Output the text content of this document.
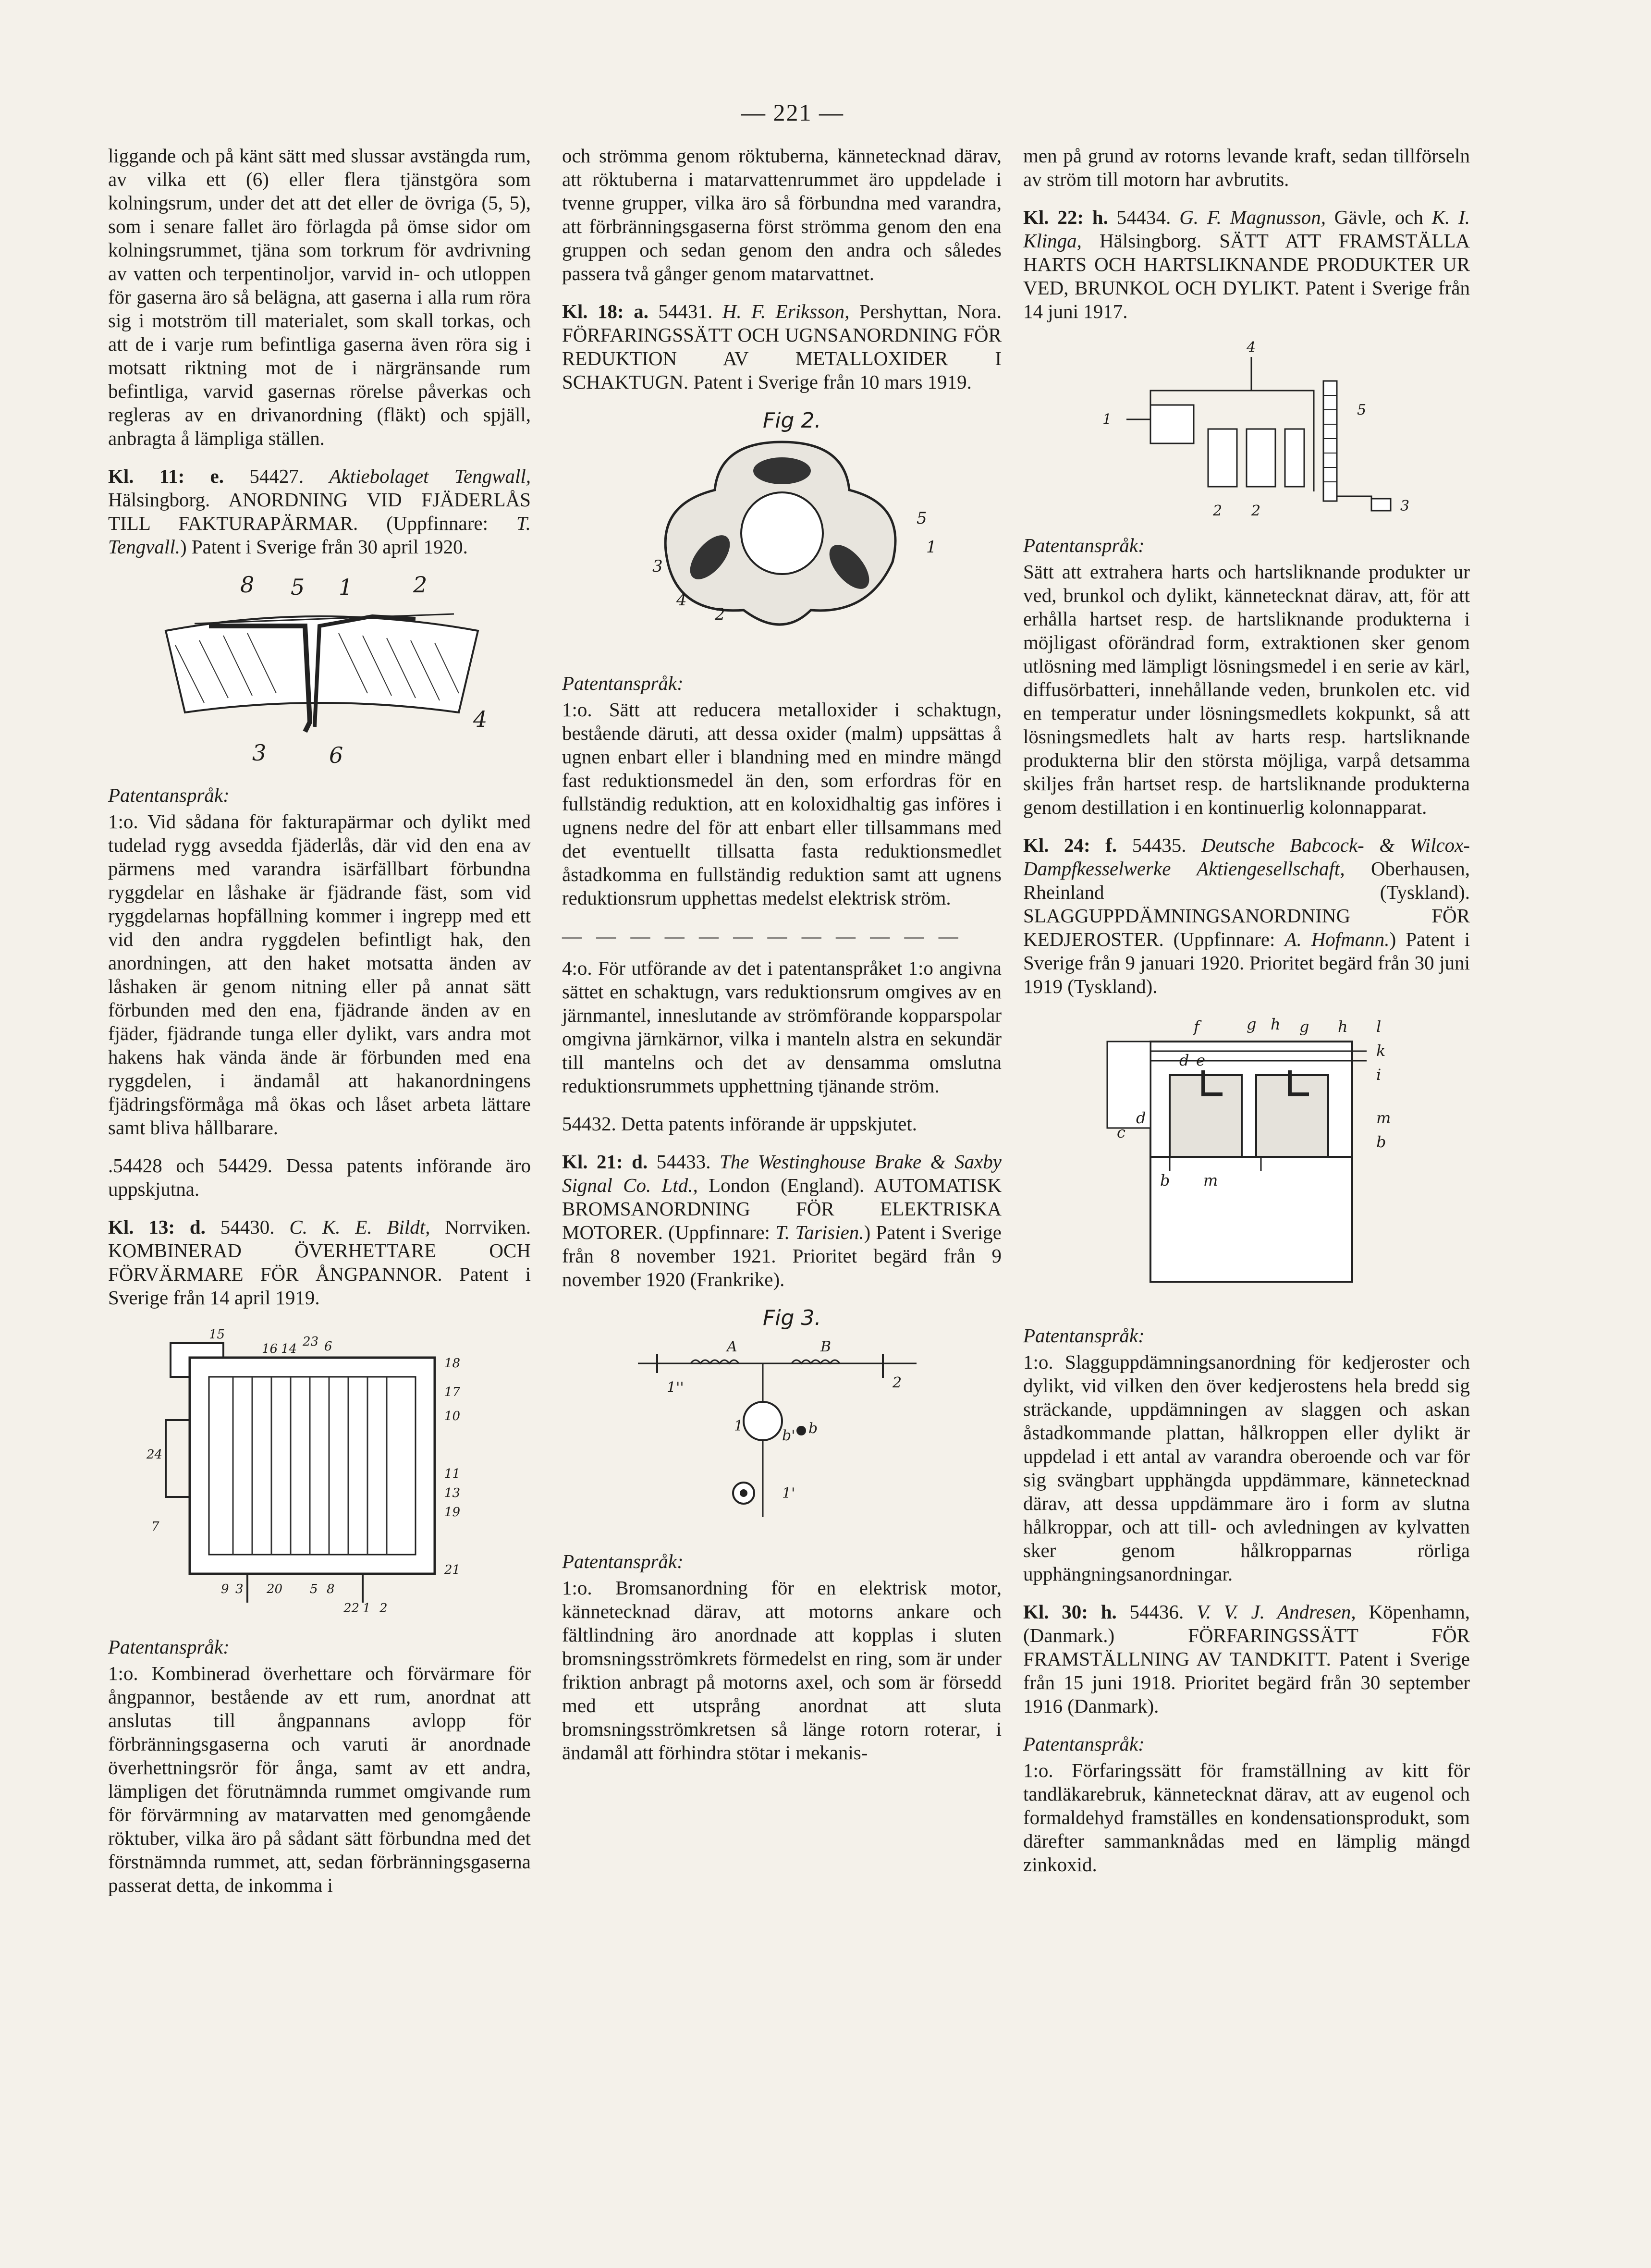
— 221 —

liggande och på känt sätt med slussar avstängda rum, av vilka ett (6) eller flera tjänstgöra som kolningsrum, under det att det eller de övriga (5, 5), som i senare fallet äro förlagda på ömse sidor om kolningsrummet, tjäna som torkrum för avdrivning av vatten och terpentinoljor, varvid in- och utloppen för gaserna äro så belägna, att gaserna i alla rum röra sig i motström till materialet, som skall torkas, och att de i varje rum befintliga gaserna även röra sig i motsatt riktning mot de i närgränsande rum befintliga, varvid gasernas rörelse påverkas och regleras av en drivanordning (fläkt) och spjäll, anbragta å lämpliga ställen.

Kl. 11: e. 54427. Aktiebolaget Tengwall, Hälsingborg. ANORDNING VID FJÄDERLÅS TILL FAKTURAPÄRMAR. (Uppfinnare: T. Tengvall.) Patent i Sverige från 30 april 1920.

8 5 1	2
4
3	6
Patentanspråk:

1:o. Vid sådana för fakturapärmar och dylikt med tudelad rygg avsedda fjäderlås, där vid den ena av pärmens med varandra isärfällbart förbundna ryggdelar en låshake är fjädrande fäst, som vid ryggdelarnas hopfällning kommer i ingrepp med ett vid den andra ryggdelen befintligt hak, den anordningen, att den haket motsatta änden av låshaken är genom nitning eller på annat sätt förbunden med den ena, fjädrande änden av en fjäder, fjädrande tunga eller dylikt, vars andra mot hakens hak vända ände är förbunden med ena ryggdelen, i ändamål att hakanordningens fjädringsförmåga må ökas och låset arbeta lättare samt bliva hållbarare.

.54428 och 54429. Dessa patents införande äro uppskjutna.

Kl. 13: d. 54430. C. K. E. Bildt, Norrviken. KOMBINERAD ÖVERHETTARE OCH FÖRVÄRMARE FÖR ÅNGPANNOR. Patent i Sverige från 14 april 1919.

15
16 14 23 6
18
17
10
24
11
13
19
7
21
9 3 20 5 8
22 1 2
Patentanspråk:

1:o. Kombinerad överhettare och förvärmare för ångpannor, bestående av ett rum, anordnat att anslutas till ångpannans avlopp för förbränningsgaserna och varuti är anordnade överhettningsrör för ånga, samt av ett andra, lämpligen det förutnämnda rummet omgivande rum för förvärmning av matarvatten med genomgående röktuber, vilka äro på sådant sätt förbundna med det förstnämnda rummet, att, sedan förbränningsgaserna passerat detta, de inkomma i

och strömma genom röktuberna, kännetecknad därav, att röktuberna i matarvattenrummet äro uppdelade i tvenne grupper, vilka äro så förbundna med varandra, att förbränningsgaserna först strömma genom den ena gruppen och sedan genom den andra och således passera två gånger genom matarvattnet.

Kl. 18: a. 54431. H. F. Eriksson, Pershyttan, Nora. FÖRFARINGSSÄTT OCH UGNSANORDNING FÖR REDUKTION AV METALLOXIDER I SCHAKTUGN. Patent i Sverige från 10 mars 1919.

Fig 2.
5
1
3
4
2
Patentanspråk:

1:o. Sätt att reducera metalloxider i schaktugn, bestående däruti, att dessa oxider (malm) uppsättas å ugnen enbart eller i blandning med en mindre mängd fast reduktionsmedel än den, som erfordras för en fullständig reduktion, att en koloxidhaltig gas införes i ugnens nedre del för att enbart eller tillsammans med det eventuellt tillsatta fasta reduktionsmedlet åstadkomma en fullständig reduktion samt att ugnens reduktionsrum upphettas medelst elektrisk ström.

— — — — — — — — — — — —

4:o. För utförande av det i patentanspråket 1:o angivna sättet en schaktugn, vars reduktionsrum omgives av en järnmantel, inneslutande av strömförande kopparspolar omgivna järnkärnor, vilka i manteln alstra en sekundär till mantelns och det av densamma omslutna reduktionsrummets upphettning tjänande ström.

54432. Detta patents införande är uppskjutet.

Kl. 21: d. 54433. The Westinghouse Brake & Saxby Signal Co. Ltd., London (England). AUTOMATISK BROMSANORDNING FÖR ELEKTRISKA MOTORER. (Uppfinnare: T. Tarisien.) Patent i Sverige från 8 november 1921. Prioritet begärd från 9 november 1920 (Frankrike).

Fig 3.
A	B
1''	2
b'
1	b
1'
Patentanspråk:

1:o. Bromsanordning för en elektrisk motor, kännetecknad därav, att motorns ankare och fältlindning äro anordnade att kopplas i sluten bromsningsströmkrets förmedelst en ring, som är under friktion anbragt på motorns axel, och som är försedd med ett utsprång anordnat att sluta bromsningsströmkretsen så länge rotorn roterar, i ändamål att förhindra stötar i mekanis-

men på grund av rotorns levande kraft, sedan tillförseln av ström till motorn har avbrutits.

Kl. 22: h. 54434. G. F. Magnusson, Gävle, och K. I. Klinga, Hälsingborg. SÄTT ATT FRAMSTÄLLA HARTS OCH HARTSLIKNANDE PRODUKTER UR VED, BRUNKOL OCH DYLIKT. Patent i Sverige från 14 juni 1917.

4
1
5
2 2	3
Patentanspråk:

Sätt att extrahera harts och hartsliknande produkter ur ved, brunkol och dylikt, kännetecknat därav, att, för att erhålla hartset resp. de hartsliknande produkterna i möjligast oförändrad form, extraktionen sker genom utlösning med lämpligt lösningsmedel i en serie av kärl, diffusörbatteri, innehållande veden, brunkolen etc. vid en temperatur under lösningsmedlets kokpunkt, så att lösningsmedlets halt av harts resp. hartsliknande produkterna blir den största möjliga, varpå detsamma skiljes från hartset resp. de hartsliknande produkterna genom destillation i en kontinuerlig kolonnapparat.

Kl. 24: f. 54435. Deutsche Babcock- & Wilcox-Dampfkesselwerke Aktiengesellschaft, Oberhausen, Rheinland (Tyskland). SLAGGUPPDÄMNINGSANORDNING FÖR KEDJEROSTER. (Uppfinnare: A. Hofmann.) Patent i Sverige från 9 januari 1920. Prioritet begärd från 30 juni 1919 (Tyskland).

f	g h g h l
d e
k
i
d
c
m
b
b m
Patentanspråk:

1:o. Slagguppdämningsanordning för kedjeroster och dylikt, vid vilken den över kedjerostens hela bredd sig sträckande, uppdämningen av slaggen och askan åstadkommande plattan, hålkroppen eller dylikt är uppdelad i ett antal av varandra oberoende och var för sig svängbart upphängda uppdämmare, kännetecknad därav, att dessa uppdämmare äro i form av slutna hålkroppar, och att till- och avledningen av kylvatten sker genom hålkropparnas rörliga upphängningsanordningar.

Kl. 30: h. 54436. V. V. J. Andresen, Köpenhamn, (Danmark.) FÖRFARINGSSÄTT FÖR FRAMSTÄLLNING AV TANDKITT. Patent i Sverige från 15 juni 1918. Prioritet begärd från 30 september 1916 (Danmark).

Patentanspråk:

1:o. Förfaringssätt för framställning av kitt för tandläkarebruk, kännetecknat därav, att av eugenol och formaldehyd framställes en kondensationsprodukt, som därefter sammanknådas med en lämplig mängd zinkoxid.
